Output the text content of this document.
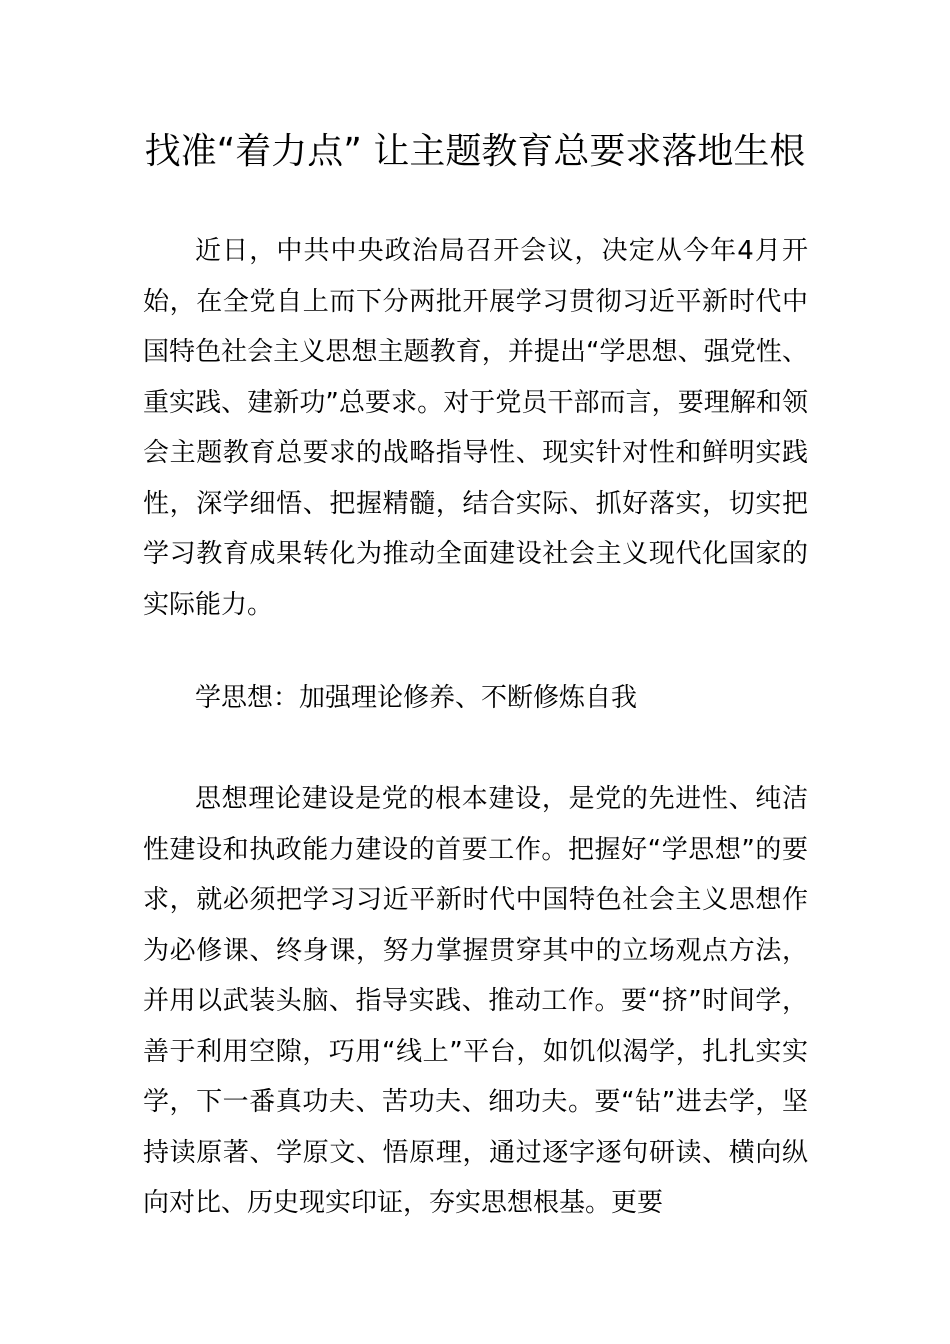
找准“着力点” 让主题教育总要求落地生根

近日，中共中央政治局召开会议，决定从今年4月开始，在全党自上而下分两批开展学习贯彻习近平新时代中国特色社会主义思想主题教育，并提出“学思想、强党性、重实践、建新功”总要求。对于党员干部而言，要理解和领会主题教育总要求的战略指导性、现实针对性和鲜明实践性，深学细悟、把握精髓，结合实际、抓好落实，切实把学习教育成果转化为推动全面建设社会主义现代化国家的实际能力。

学思想：加强理论修养、不断修炼自我

思想理论建设是党的根本建设，是党的先进性、纯洁性建设和执政能力建设的首要工作。把握好“学思想”的要求，就必须把学习习近平新时代中国特色社会主义思想作为必修课、终身课，努力掌握贯穿其中的立场观点方法，并用以武装头脑、指导实践、推动工作。要“挤”时间学，善于利用空隙，巧用“线上”平台，如饥似渴学，扎扎实实学，下一番真功夫、苦功夫、细功夫。要“钻”进去学，坚持读原著、学原文、悟原理，通过逐字逐句研读、横向纵向对比、历史现实印证，夯实思想根基。更要
